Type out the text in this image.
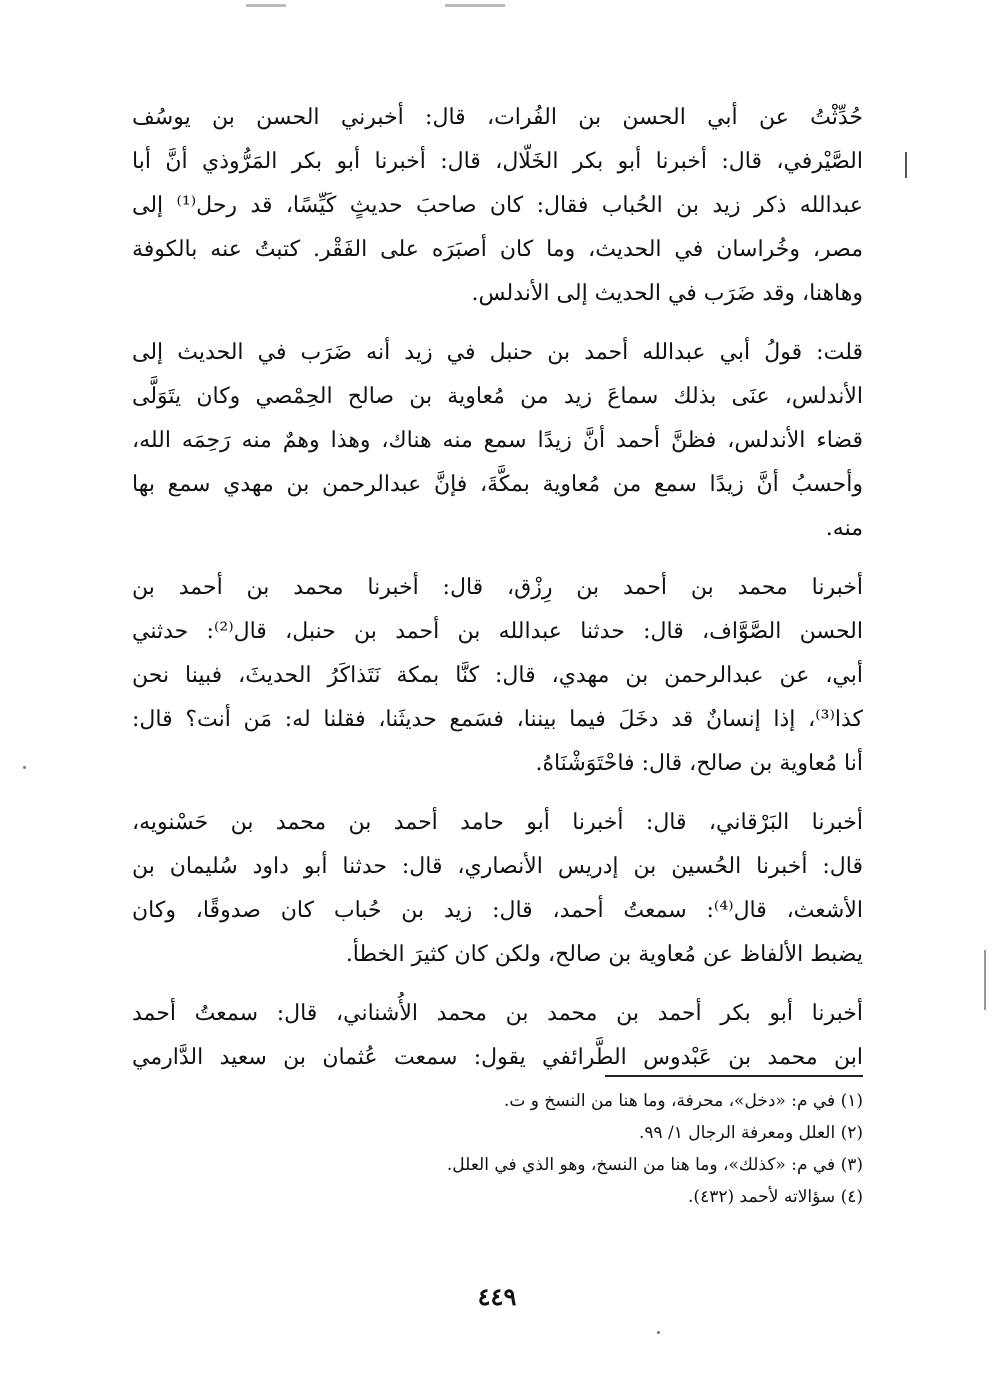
حُدِّثْتُ عن أبي الحسن بن الفُرات، قال: أخبرني الحسن بن يوسُف
الصَّيْرفي، قال: أخبرنا أبو بكر الخَلّال، قال: أخبرنا أبو بكر المَرُّوذي أنَّ أبا
عبدالله ذكر زيد بن الحُباب فقال: كان صاحبَ حديثٍ كَيِّسًا، قد رحل⁽¹⁾ إلى
مصر، وخُراسان في الحديث، وما كان أصبَرَه على الفَقْر. كتبتُ عنه بالكوفة
وهاهنا، وقد ضَرَب في الحديث إلى الأندلس.
قلت: قولُ أبي عبدالله أحمد بن حنبل في زيد أنه ضَرَب في الحديث إلى
الأندلس، عنَى بذلك سماعَ زيد من مُعاوية بن صالح الحِمْصي وكان يتَوَلَّى
قضاء الأندلس، فظنَّ أحمد أنَّ زيدًا سمع منه هناك، وهذا وهمٌ منه رَحِمَه الله،
وأحسبُ أنَّ زيدًا سمع من مُعاوية بمكَّةَ، فإنَّ عبدالرحمن بن مهدي سمع بها
منه.
أخبرنا محمد بن أحمد بن رِزْق، قال: أخبرنا محمد بن أحمد بن
الحسن الصَّوَّاف، قال: حدثنا عبدالله بن أحمد بن حنبل، قال⁽²⁾: حدثني
أبي، عن عبدالرحمن بن مهدي، قال: كنَّا بمكة نَتَذاكَرُ الحديثَ، فبينا نحن
كذا⁽³⁾، إذا إنسانٌ قد دخَلَ فيما بيننا، فسَمع حديثَنا، فقلنا له: مَن أنت؟ قال:
أنا مُعاوية بن صالح، قال: فاحْتَوَشْنَاهُ.
أخبرنا البَرْقاني، قال: أخبرنا أبو حامد أحمد بن محمد بن حَسْنويه،
قال: أخبرنا الحُسين بن إدريس الأنصاري، قال: حدثنا أبو داود سُليمان بن
الأشعث، قال⁽⁴⁾: سمعتُ أحمد، قال: زيد بن حُباب كان صدوقًا، وكان
يضبط الألفاظ عن مُعاوية بن صالح، ولكن كان كثيرَ الخطأ.
أخبرنا أبو بكر أحمد بن محمد بن محمد الأُشناني، قال: سمعتُ أحمد
ابن محمد بن عَبْدوس الطَّرائفي يقول: سمعت عُثمان بن سعيد الدَّارمي
(١) في م: «دخل»، محرفة، وما هنا من النسخ و ت.
(٢) العلل ومعرفة الرجال ١/ ٩٩.
(٣) في م: «كذلك»، وما هنا من النسخ، وهو الذي في العلل.
(٤) سؤالاته لأحمد (٤٣٢).
٤٤٩
